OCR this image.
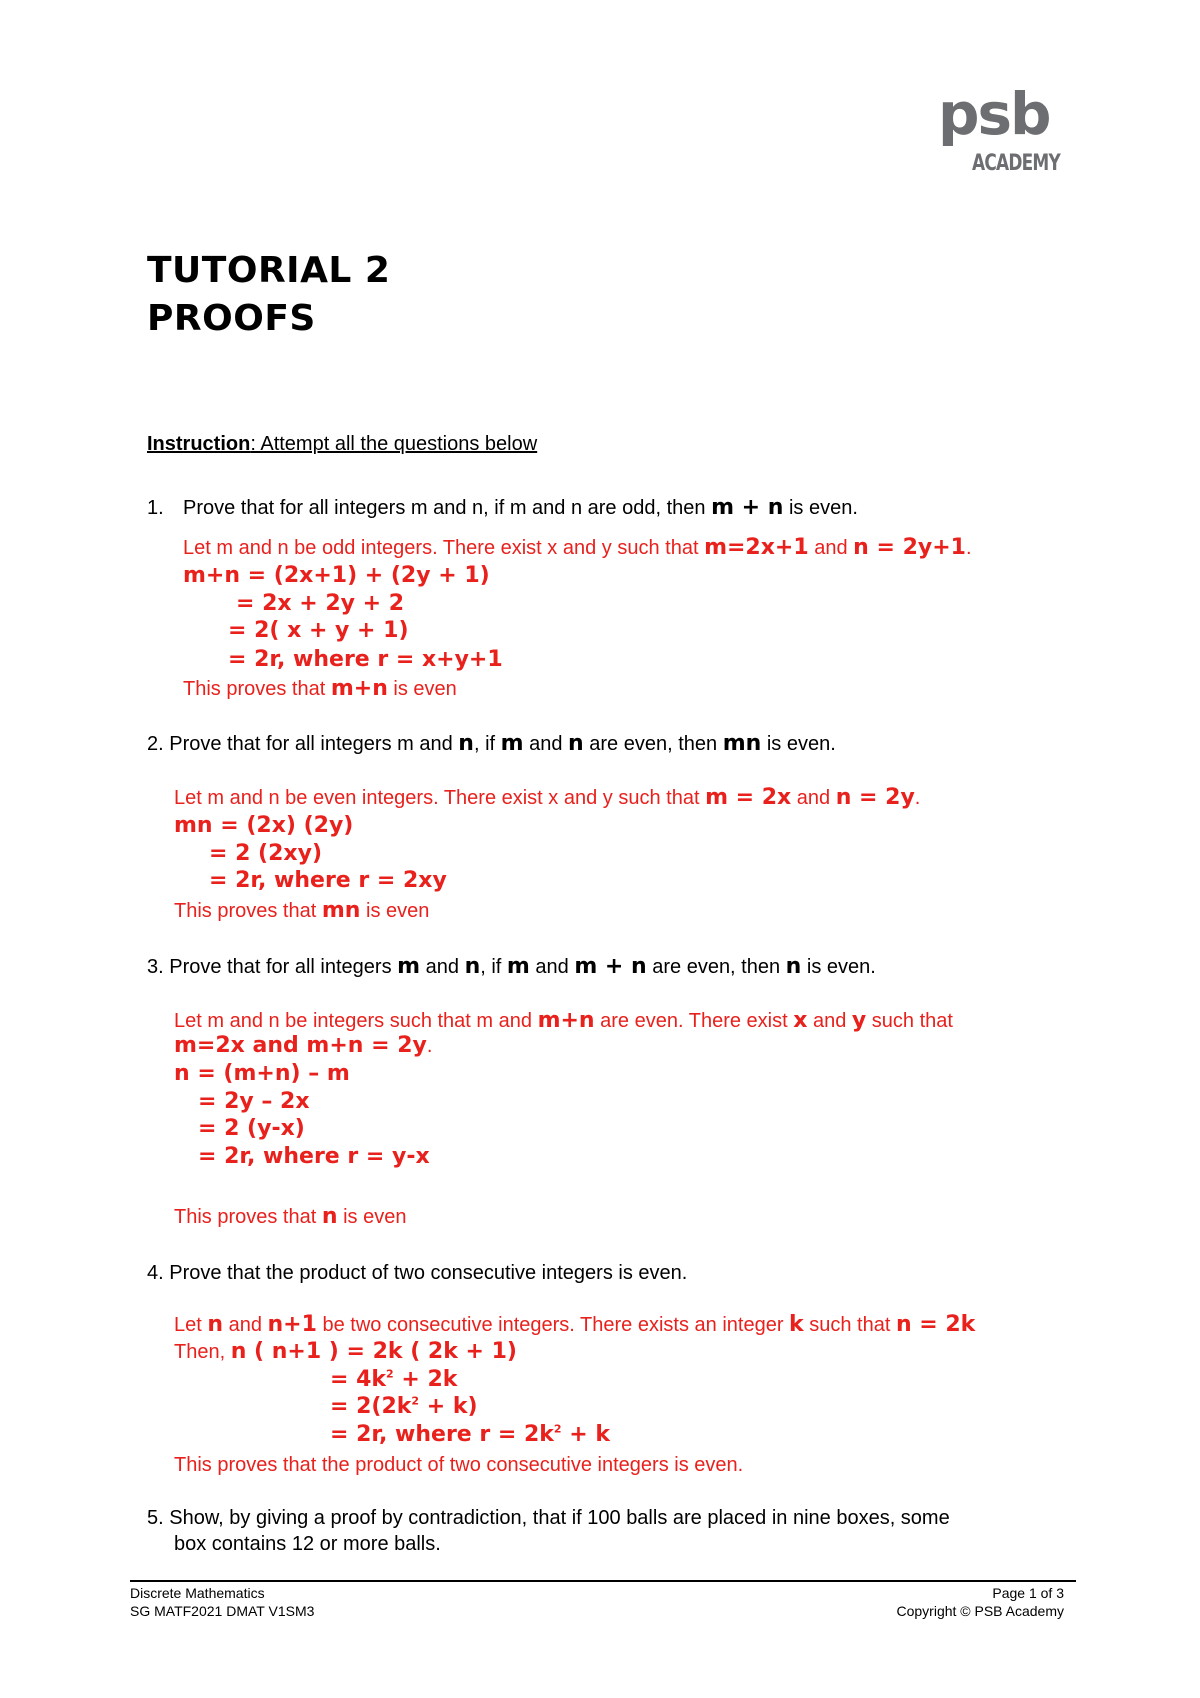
psb
ACADEMY
TUTORIAL 2
PROOFS
Instruction: Attempt all the questions below
1. Prove that for all integers m and n, if m and n are odd, then m + n is even.
Let m and n be odd integers. There exist x and y such that m=2x+1 and n = 2y+1.
m+n = (2x+1) + (2y + 1)
= 2x + 2y + 2
= 2( x + y + 1)
= 2r, where r = x+y+1
This proves that m+n is even
2. Prove that for all integers m and n, if m and n are even, then mn is even.
Let m and n be even integers. There exist x and y such that m = 2x and n = 2y.
mn = (2x) (2y)
= 2 (2xy)
= 2r, where r = 2xy
This proves that mn is even
3. Prove that for all integers m and n, if m and m + n are even, then n is even.
Let m and n be integers such that m and m+n are even. There exist x and y such that
m=2x and m+n = 2y.
n = (m+n) – m
= 2y – 2x
= 2 (y-x)
= 2r, where r = y-x
This proves that n is even
4. Prove that the product of two consecutive integers is even.
Let n and n+1 be two consecutive integers. There exists an integer k such that n = 2k
Then, n ( n+1 ) = 2k ( 2k + 1)
= $4k^2 + 2k$
= $2(2k^2 + k)$
= 2r, where $r = 2k^2 + k$
This proves that the product of two consecutive integers is even.
5. Show, by giving a proof by contradiction, that if 100 balls are placed in nine boxes, some
box contains 12 or more balls.
Discrete Mathematics
SG MATF2021 DMAT V1SM3
Page 1 of 3
Copyright © PSB Academy
